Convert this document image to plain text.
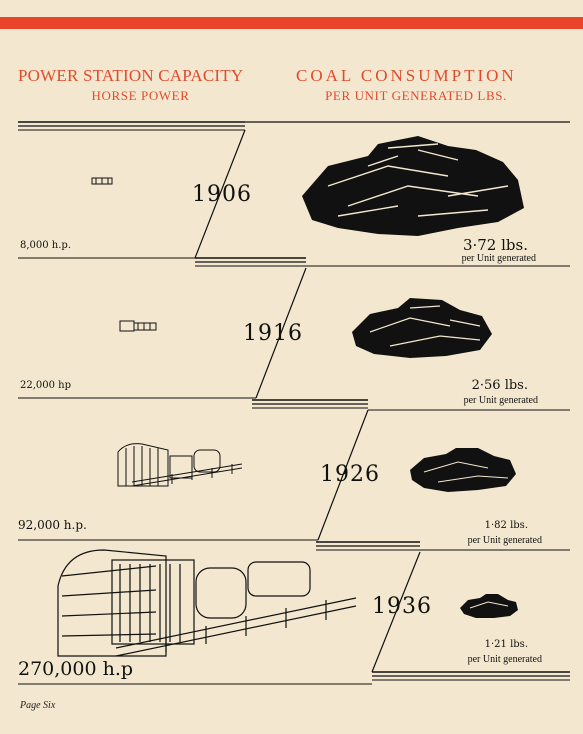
POWER STATION CAPACITY
HORSE POWER
COAL CONSUMPTION
PER UNIT GENERATED LBS.
1906
8,000 h.p.	3·72 lbs.
per Unit generated
1916
22,000 hp	2·56 lbs.
per Unit generated
1926
92,000 h.p.	1·82 lbs.
per Unit generated
1936
270,000 h.p
1·21 lbs.
per Unit generated
Page Six
